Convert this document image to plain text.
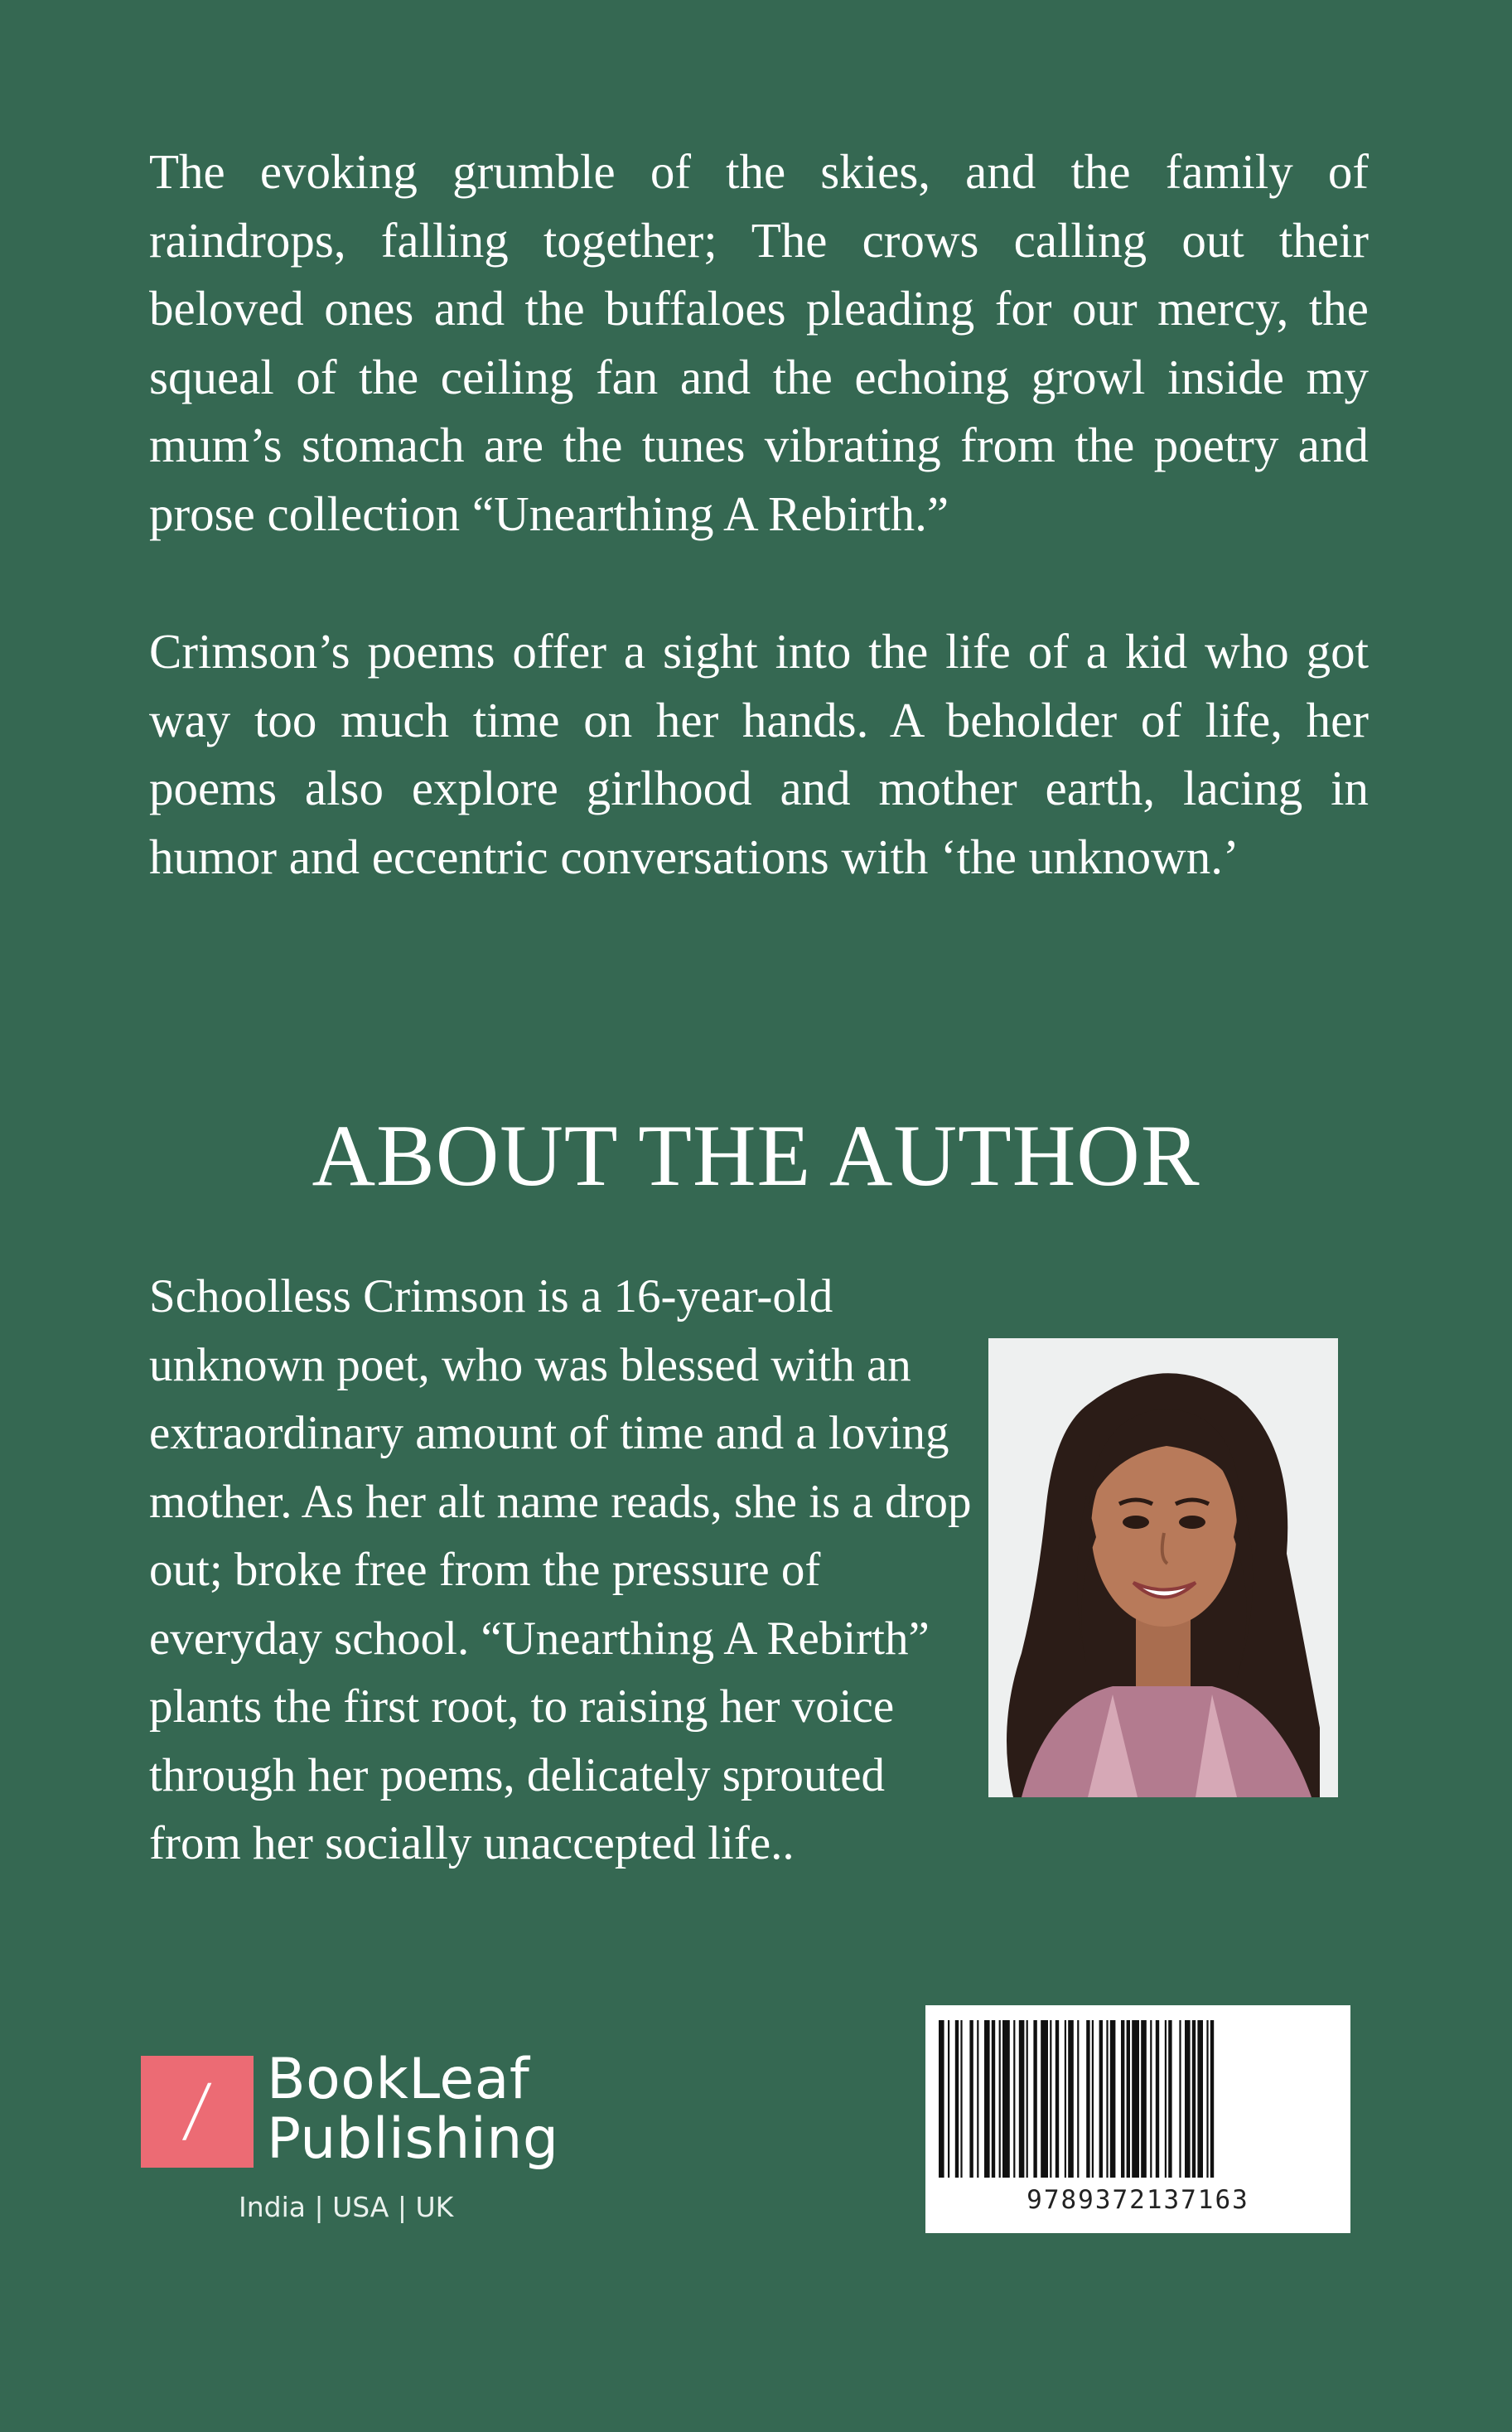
The evoking grumble of the skies, and the family of raindrops, falling together; The crows calling out their beloved ones and the buffaloes pleading for our mercy, the squeal of the ceiling fan and the echoing growl inside my mum’s stomach are the tunes vibrating from the poetry and prose collection “Unearthing A Rebirth.”

Crimson’s poems offer a sight into the life of a kid who got way too much time on her hands. A beholder of life, her poems also explore girlhood and mother earth, lacing in humor and eccentric conversations with ‘the unknown.’

ABOUT THE AUTHOR

Schoolless Crimson is a 16-year-old unknown poet, who was blessed with an extraordinary amount of time and a loving mother. As her alt name reads, she is a drop out; broke free from the pressure of everyday school. “Unearthing A Rebirth” plants the first root, to raising her voice through her poems, delicately sprouted from her socially unaccepted life..

/ BookLeaf
Publishing
India | USA | UK	9789372137163
